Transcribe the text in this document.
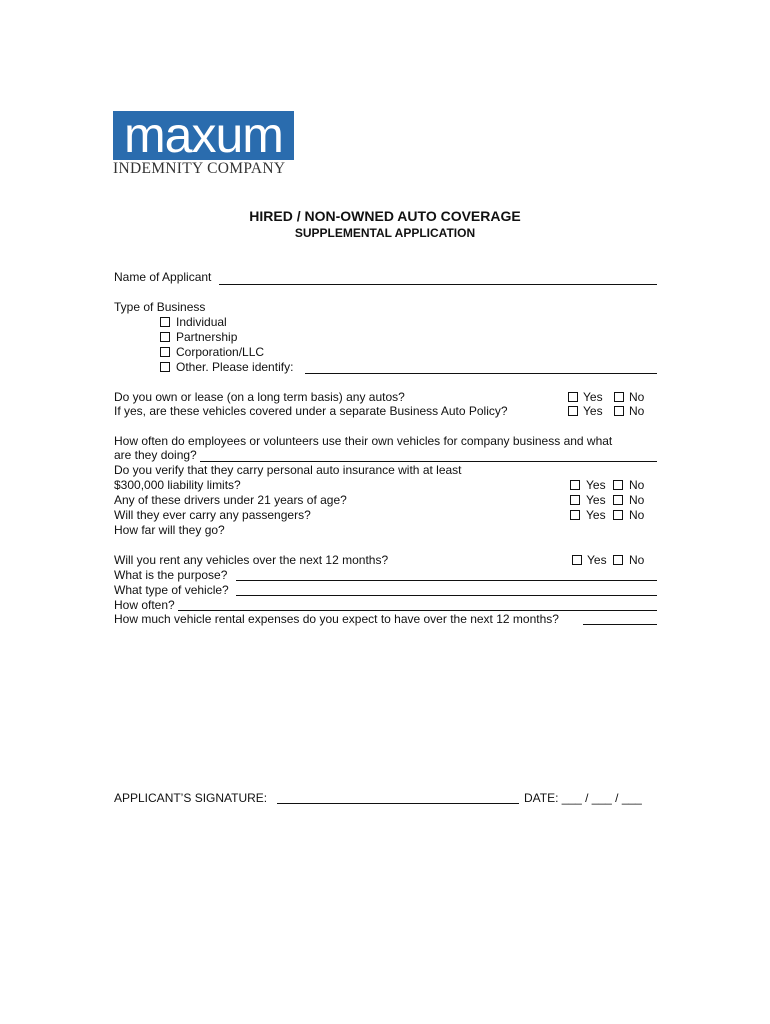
maxum
INDEMNITY COMPANY
HIRED / NON-OWNED AUTO COVERAGE
SUPPLEMENTAL APPLICATION
Name of Applicant
Type of Business
Individual
Partnership
Corporation/LLC
Other. Please identify:
Do you own or lease (on a long term basis) any autos?	Yes No
If yes, are these vehicles covered under a separate Business Auto Policy?	Yes No
How often do employees or volunteers use their own vehicles for company business and what
are they doing?
Do you verify that they carry personal auto insurance with at least
$300,000 liability limits?	Yes No
Any of these drivers under 21 years of age?	Yes No
Will they ever carry any passengers?	Yes No
How far will they go?
Will you rent any vehicles over the next 12 months?	Yes No
What is the purpose?
What type of vehicle?
How often?
How much vehicle rental expenses do you expect to have over the next 12 months?
APPLICANT’S SIGNATURE:	DATE: ___ / ___ / ___
